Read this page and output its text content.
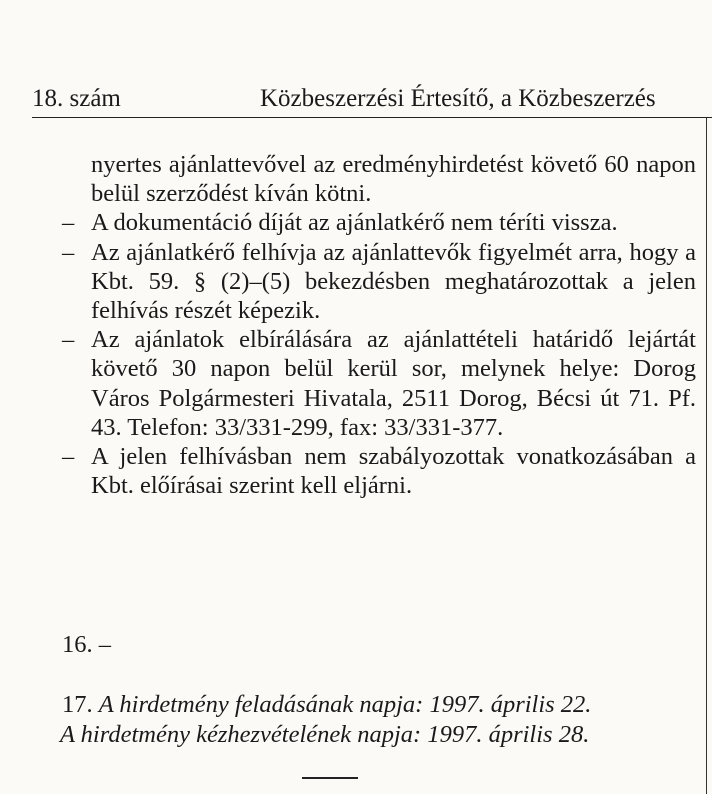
18. szám	Közbeszerzési Értesítő, a Közbeszerzés
nyertes ajánlattevővel az eredményhirdetést követő 60 napon belül szerződést kíván kötni.
– A dokumentáció díját az ajánlatkérő nem téríti vissza.
– Az ajánlatkérő felhívja az ajánlattevők figyelmét arra, hogy a Kbt. 59. § (2)–(5) bekezdésben meghatározottak a jelen felhívás részét képezik.
– Az ajánlatok elbírálására az ajánlattételi határidő lejártát követő 30 napon belül kerül sor, melynek helye: Dorog Város Polgármesteri Hivatala, 2511 Dorog, Bécsi út 71. Pf. 43. Telefon: 33/331-299, fax: 33/331-377.
– A jelen felhívásban nem szabályozottak vonatkozásában a Kbt. előírásai szerint kell eljárni.
16. –
17. A hirdetmény feladásának napja: 1997. április 22.
A hirdetmény kézhezvételének napja: 1997. április 28.
